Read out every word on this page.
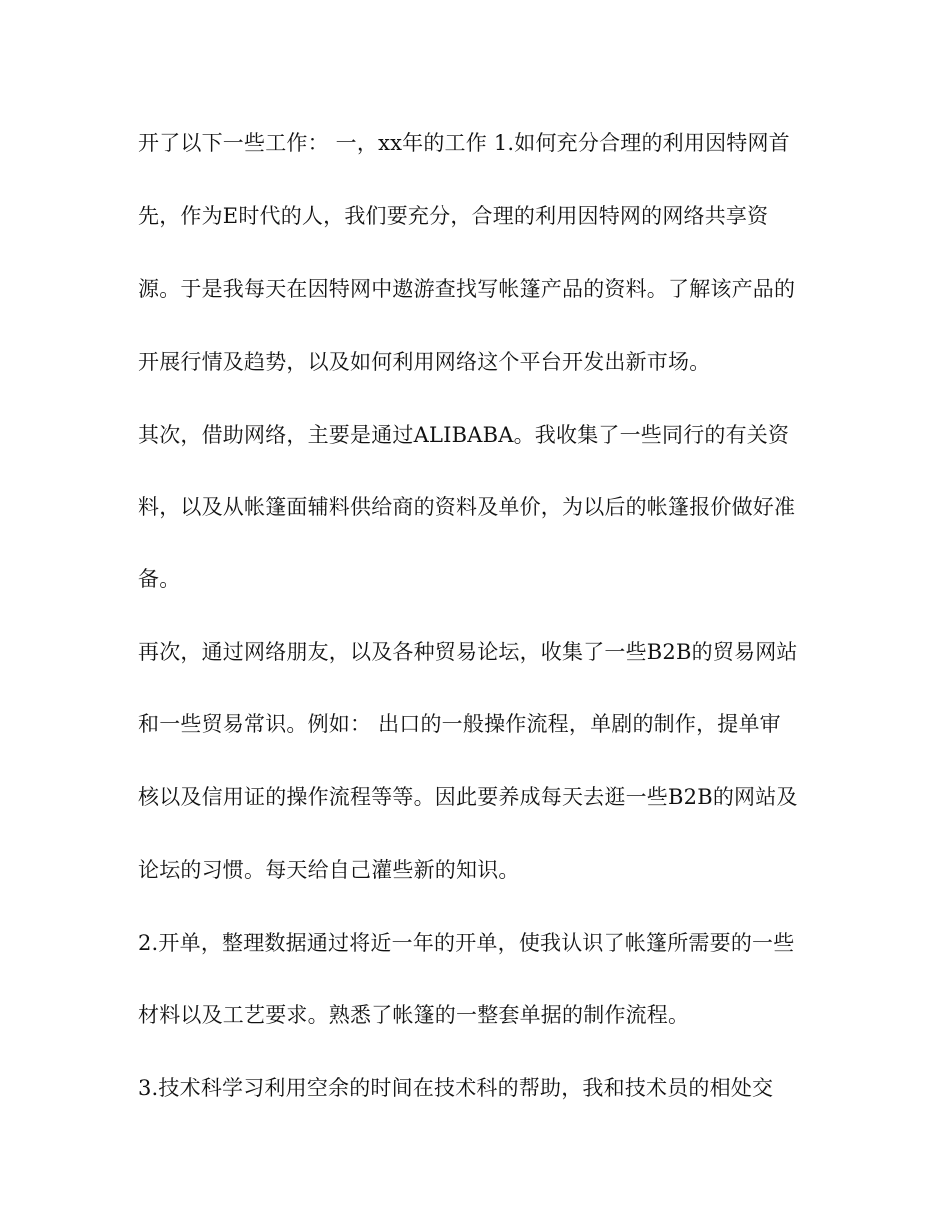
开了以下一些工作： 一，xx年的工作 1.如何充分合理的利用因特网首
先，作为E时代的人，我们要充分，合理的利用因特网的网络共享资
源。于是我每天在因特网中遨游查找写帐篷产品的资料。了解该产品的
开展行情及趋势，以及如何利用网络这个平台开发出新市场。
其次，借助网络，主要是通过ALIBABA。我收集了一些同行的有关资
料，以及从帐篷面辅料供给商的资料及单价，为以后的帐篷报价做好准
备。
再次，通过网络朋友，以及各种贸易论坛，收集了一些B2B的贸易网站
和一些贸易常识。例如： 出口的一般操作流程，单剧的制作，提单审
核以及信用证的操作流程等等。因此要养成每天去逛一些B2B的网站及
论坛的习惯。每天给自己灌些新的知识。
2.开单，整理数据通过将近一年的开单，使我认识了帐篷所需要的一些
材料以及工艺要求。熟悉了帐篷的一整套单据的制作流程。
3.技术科学习利用空余的时间在技术科的帮助，我和技术员的相处交
